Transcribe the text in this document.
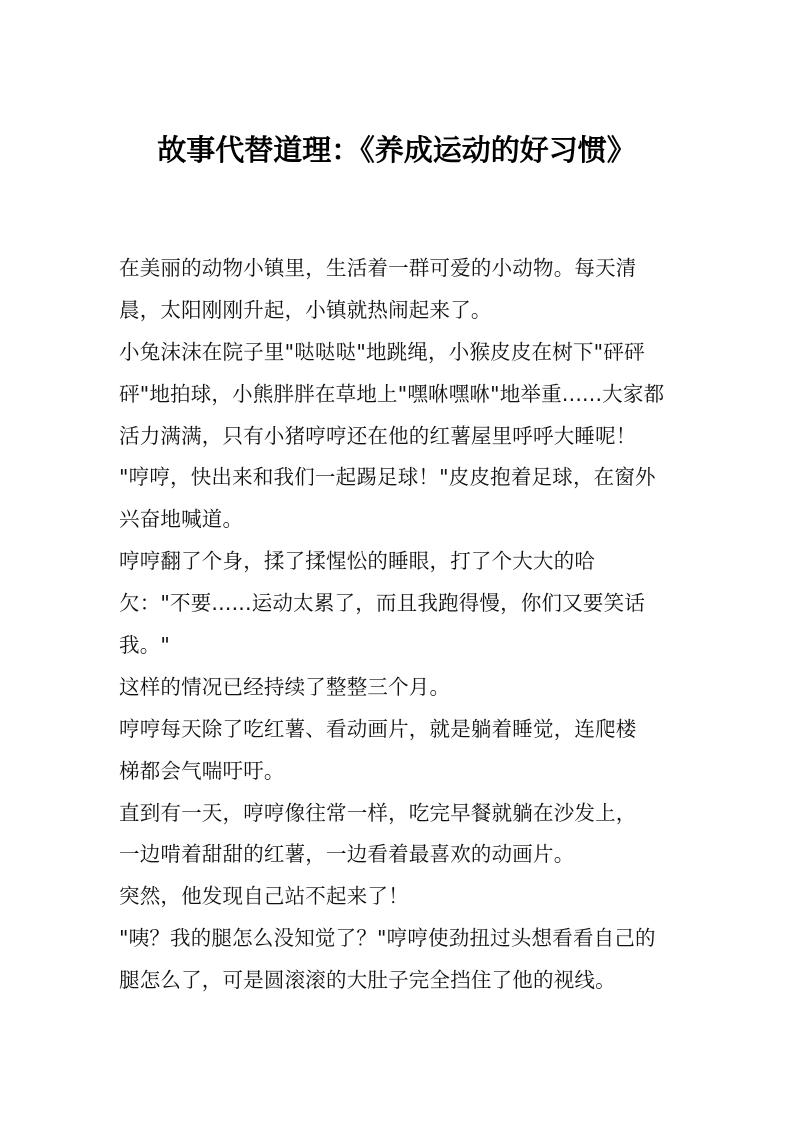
故事代替道理：《养成运动的好习惯》
在美丽的动物小镇里，生活着一群可爱的小动物。每天清
晨，太阳刚刚升起，小镇就热闹起来了。
小兔沫沫在院子里"哒哒哒"地跳绳，小猴皮皮在树下"砰砰
砰"地拍球，小熊胖胖在草地上"嘿咻嘿咻"地举重......大家都
活力满满，只有小猪哼哼还在他的红薯屋里呼呼大睡呢！
"哼哼，快出来和我们一起踢足球！"皮皮抱着足球，在窗外
兴奋地喊道。
哼哼翻了个身，揉了揉惺忪的睡眼，打了个大大的哈
欠："不要......运动太累了，而且我跑得慢，你们又要笑话
我。"
这样的情况已经持续了整整三个月。
哼哼每天除了吃红薯、看动画片，就是躺着睡觉，连爬楼
梯都会气喘吁吁。
直到有一天，哼哼像往常一样，吃完早餐就躺在沙发上，
一边啃着甜甜的红薯，一边看着最喜欢的动画片。
突然，他发现自己站不起来了！
"咦？我的腿怎么没知觉了？"哼哼使劲扭过头想看看自己的
腿怎么了，可是圆滚滚的大肚子完全挡住了他的视线。
